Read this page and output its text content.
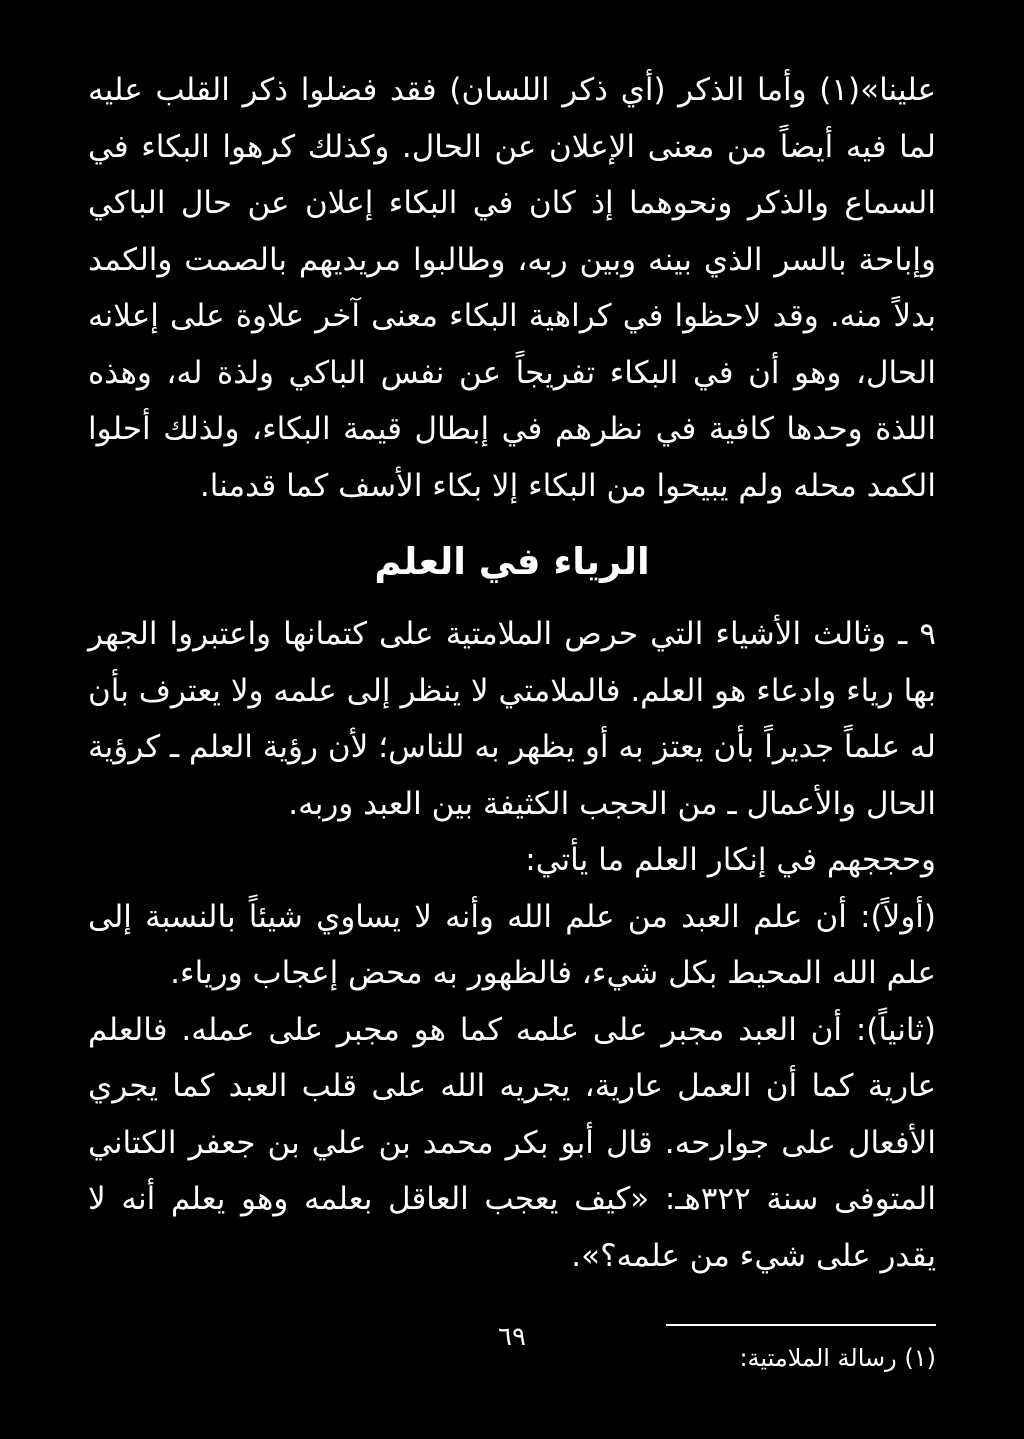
علينا»(١) وأما الذكر (أي ذكر اللسان) فقد فضلوا ذكر القلب عليه لما فيه أيضاً من معنى الإعلان عن الحال. وكذلك كرهوا البكاء في السماع والذكر ونحوهما إذ كان في البكاء إعلان عن حال الباكي وإباحة بالسر الذي بينه وبين ربه، وطالبوا مريديهم بالصمت والكمد بدلاً منه. وقد لاحظوا في كراهية البكاء معنى آخر علاوة على إعلانه الحال، وهو أن في البكاء تفريجاً عن نفس الباكي ولذة له، وهذه اللذة وحدها كافية في نظرهم في إبطال قيمة البكاء، ولذلك أحلوا الكمد محله ولم يبيحوا من البكاء إلا بكاء الأسف كما قدمنا.

الرياء في العلم

٩ ـ وثالث الأشياء التي حرص الملامتية على كتمانها واعتبروا الجهر بها رياء وادعاء هو العلم. فالملامتي لا ينظر إلى علمه ولا يعترف بأن له علماً جديراً بأن يعتز به أو يظهر به للناس؛ لأن رؤية العلم ـ كرؤية الحال والأعمال ـ من الحجب الكثيفة بين العبد وربه.

وحججهم في إنكار العلم ما يأتي:

(أولاً): أن علم العبد من علم الله وأنه لا يساوي شيئاً بالنسبة إلى علم الله المحيط بكل شيء، فالظهور به محض إعجاب ورياء.

(ثانياً): أن العبد مجبر على علمه كما هو مجبر على عمله. فالعلم عارية كما أن العمل عارية، يجريه الله على قلب العبد كما يجري الأفعال على جوارحه. قال أبو بكر محمد بن علي بن جعفر الكتاني المتوفى سنة ٣٢٢هـ: «كيف يعجب العاقل بعلمه وهو يعلم أنه لا يقدر على شيء من علمه؟».

(١) رسالة الملامتية:

٦٩
